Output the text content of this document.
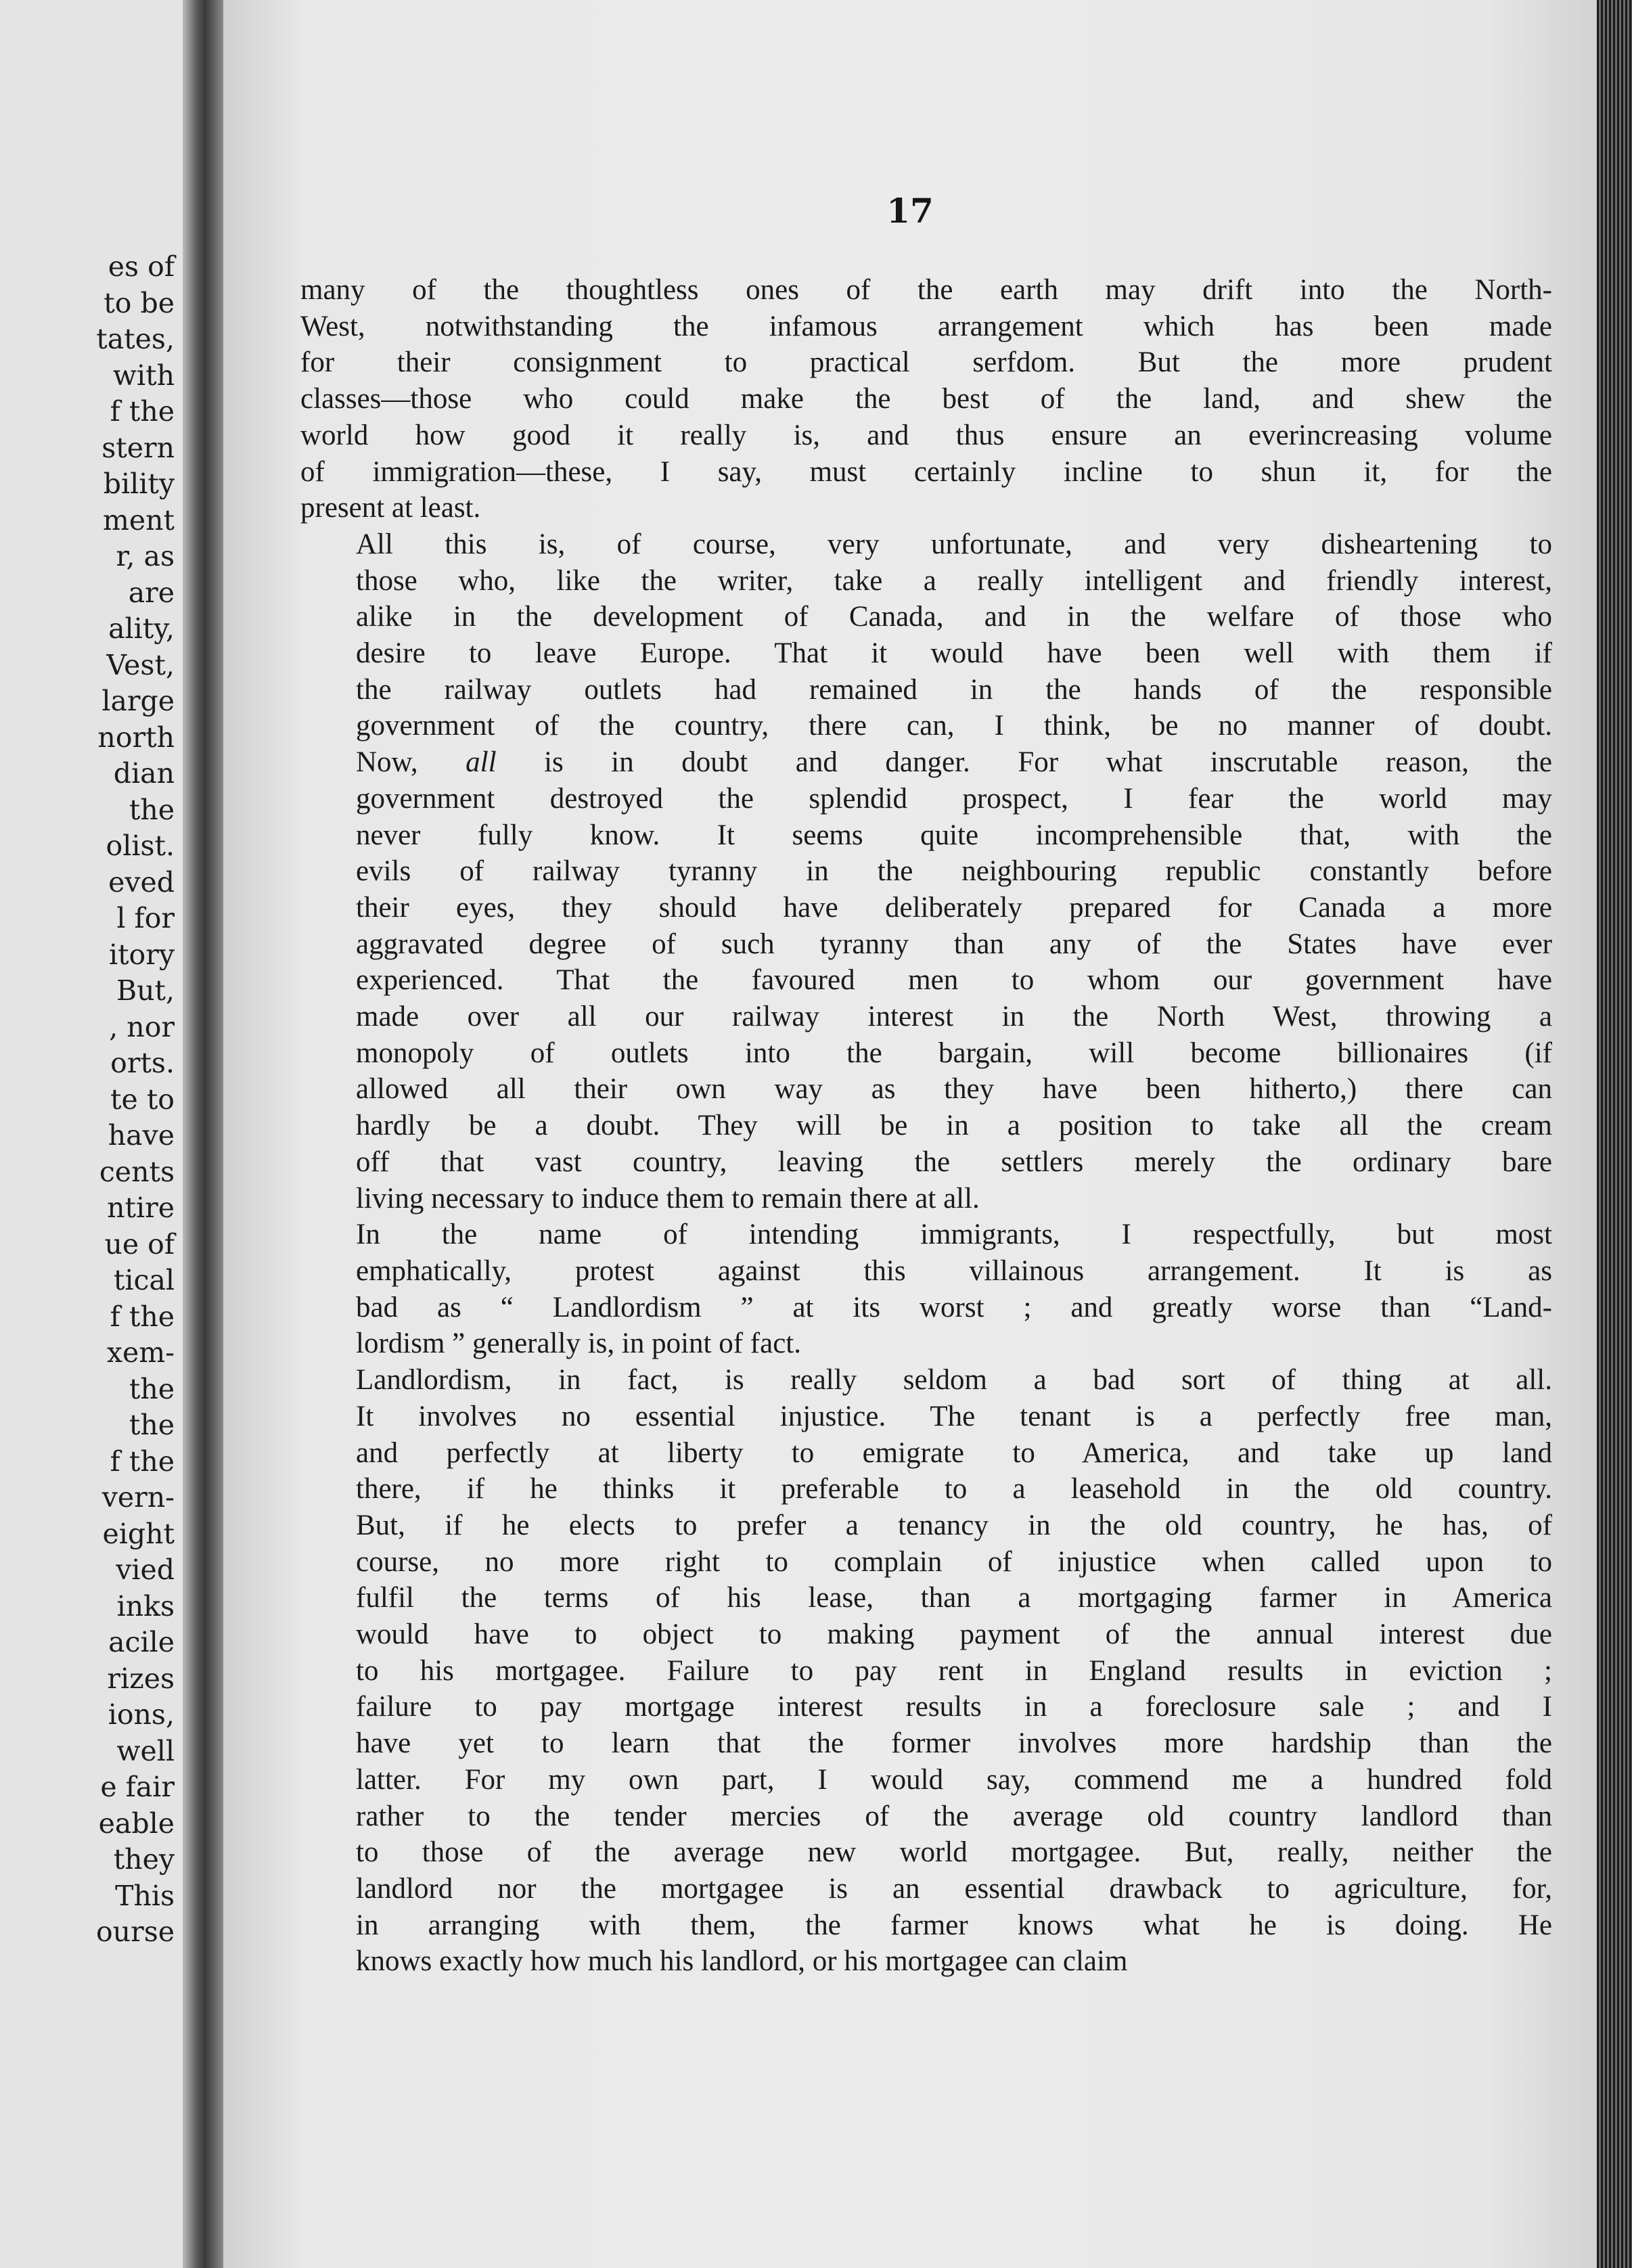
es of
to be
tates,
with
f the
stern
bility
ment
r, as
are
ality,
Vest,
large
north
dian
the
olist.
eved
l for
itory
But,
, nor
orts.
te to
have
cents
ntire
ue of
tical
f the
xem-
the
the
f the
vern-
eight
vied
inks
acile
rizes
ions,
well
e fair
eable
they
This
ourse
17

many of the thoughtless ones of the earth may drift into the North-
West, notwithstanding the infamous arrangement which has been made
for their consignment to practical serfdom. But the more prudent
classes—those who could make the best of the land, and shew the
world how good it really is, and thus ensure an everincreasing volume
of immigration—these, I say, must certainly incline to shun it, for the
present at least.

All this is, of course, very unfortunate, and very disheartening to
those who, like the writer, take a really intelligent and friendly interest,
alike in the development of Canada, and in the welfare of those who
desire to leave Europe. That it would have been well with them if
the railway outlets had remained in the hands of the responsible
government of the country, there can, I think, be no manner of doubt.
Now, all is in doubt and danger. For what inscrutable reason, the
government destroyed the splendid prospect, I fear the world may
never fully know. It seems quite incomprehensible that, with the
evils of railway tyranny in the neighbouring republic constantly before
their eyes, they should have deliberately prepared for Canada a more
aggravated degree of such tyranny than any of the States have ever
experienced. That the favoured men to whom our government have
made over all our railway interest in the North West, throwing a
monopoly of outlets into the bargain, will become billionaires (if
allowed all their own way as they have been hitherto,) there can
hardly be a doubt. They will be in a position to take all the cream
off that vast country, leaving the settlers merely the ordinary bare
living necessary to induce them to remain there at all.

In the name of intending immigrants, I respectfully, but most
emphatically, protest against this villainous arrangement. It is as
bad as “ Landlordism ” at its worst ; and greatly worse than “Land-
lordism ” generally is, in point of fact.

Landlordism, in fact, is really seldom a bad sort of thing at all.
It involves no essential injustice. The tenant is a perfectly free man,
and perfectly at liberty to emigrate to America, and take up land
there, if he thinks it preferable to a leasehold in the old country.
But, if he elects to prefer a tenancy in the old country, he has, of
course, no more right to complain of injustice when called upon to
fulfil the terms of his lease, than a mortgaging farmer in America
would have to object to making payment of the annual interest due
to his mortgagee. Failure to pay rent in England results in eviction ;
failure to pay mortgage interest results in a foreclosure sale ; and I
have yet to learn that the former involves more hardship than the
latter. For my own part, I would say, commend me a hundred fold
rather to the tender mercies of the average old country landlord than
to those of the average new world mortgagee. But, really, neither the
landlord nor the mortgagee is an essential drawback to agriculture, for,
in arranging with them, the farmer knows what he is doing. He
knows exactly how much his landlord, or his mortgagee can claim
